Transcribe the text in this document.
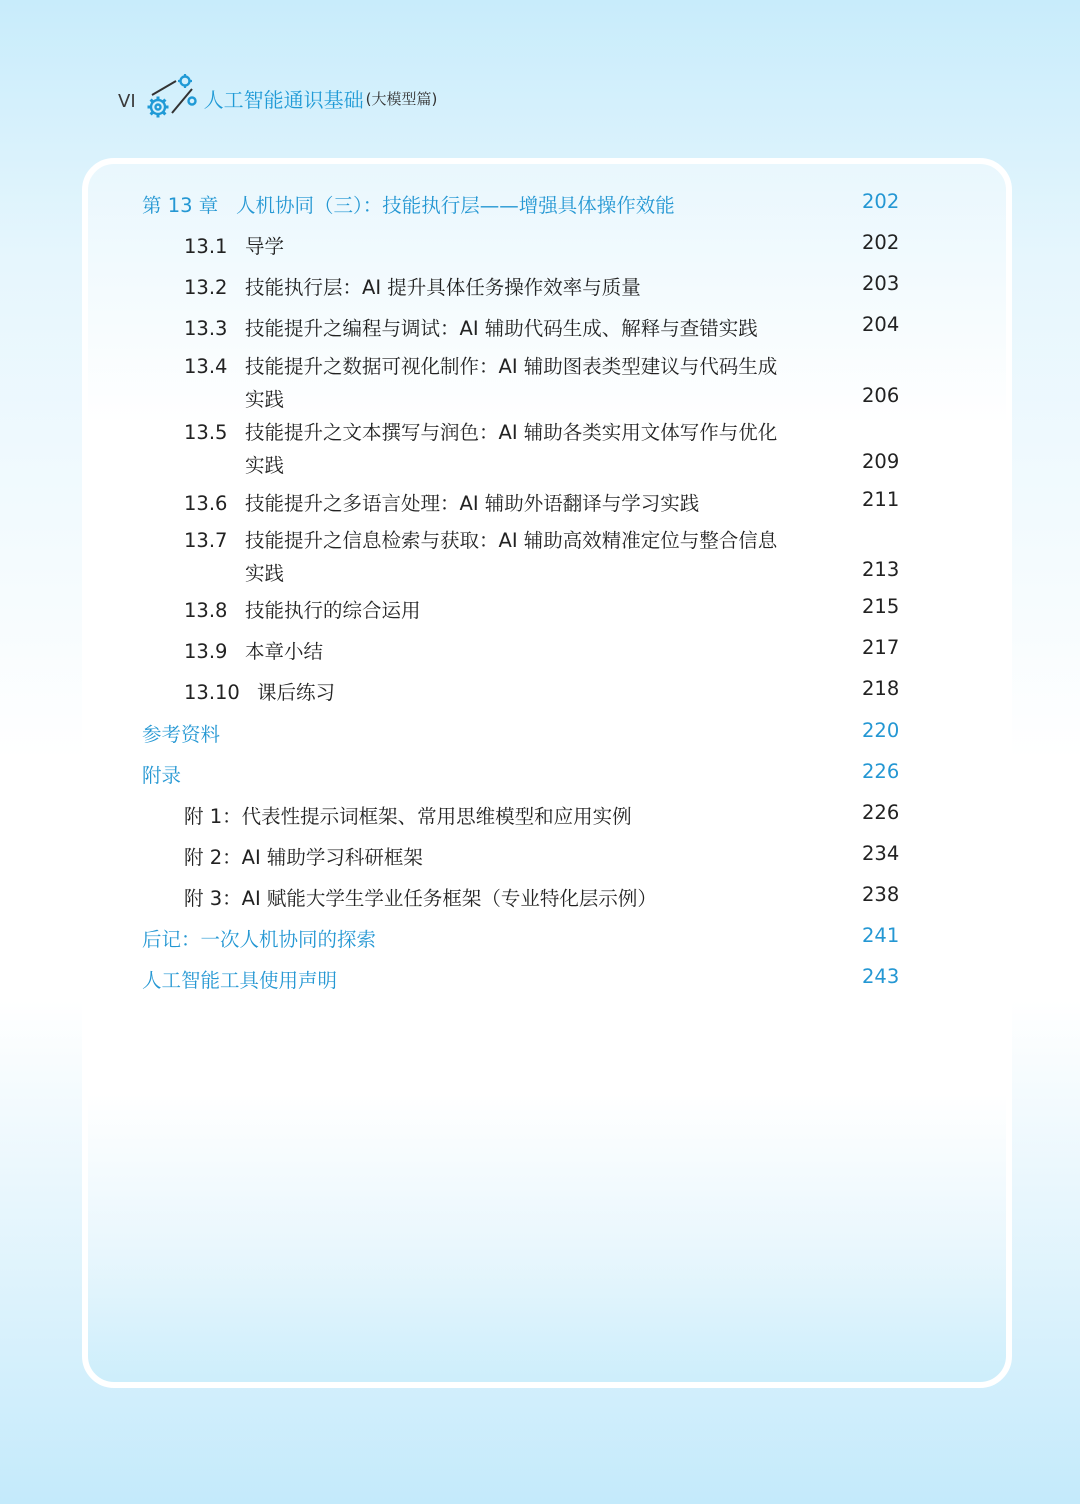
VI	人工智能通识基础 (大模型篇)
第 13 章 人机协同（三）：技能执行层——增强具体操作效能	202
13.1 导学	202
13.2 技能执行层：AI 提升具体任务操作效率与质量	203
13.3 技能提升之编程与调试：AI 辅助代码生成、解释与查错实践	204
13.4 技能提升之数据可视化制作：AI 辅助图表类型建议与代码生成
实践	206
13.5 技能提升之文本撰写与润色：AI 辅助各类实用文体写作与优化
实践	209
13.6 技能提升之多语言处理：AI 辅助外语翻译与学习实践	211
13.7 技能提升之信息检索与获取：AI 辅助高效精准定位与整合信息
实践	213
13.8 技能执行的综合运用	215
13.9 本章小结	217
13.10 课后练习	218
参考资料	220
附录	226
附 1：代表性提示词框架、常用思维模型和应用实例	226
附 2：AI 辅助学习科研框架	234
附 3：AI 赋能大学生学业任务框架（专业特化层示例）	238
后记：一次人机协同的探索	241
人工智能工具使用声明	243
